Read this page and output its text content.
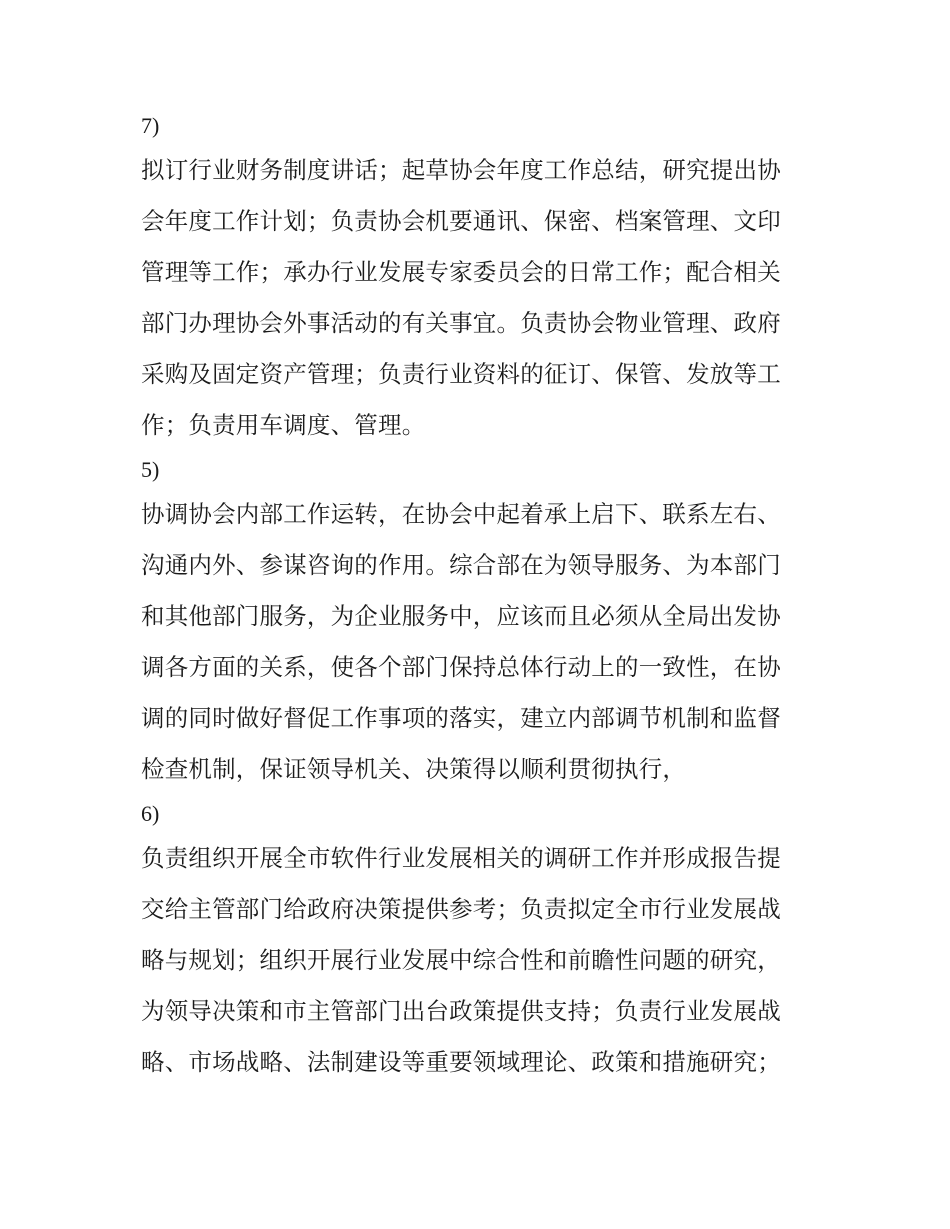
7)

拟订行业财务制度讲话；起草协会年度工作总结，研究提出协
会年度工作计划；负责协会机要通讯、保密、档案管理、文印
管理等工作；承办行业发展专家委员会的日常工作；配合相关
部门办理协会外事活动的有关事宜。负责协会物业管理、政府
采购及固定资产管理；负责行业资料的征订、保管、发放等工
作；负责用车调度、管理。

5)

协调协会内部工作运转，在协会中起着承上启下、联系左右、
沟通内外、参谋咨询的作用。综合部在为领导服务、为本部门
和其他部门服务，为企业服务中，应该而且必须从全局出发协
调各方面的关系，使各个部门保持总体行动上的一致性，在协
调的同时做好督促工作事项的落实，建立内部调节机制和监督
检查机制，保证领导机关、决策得以顺利贯彻执行，

6)

负责组织开展全市软件行业发展相关的调研工作并形成报告提
交给主管部门给政府决策提供参考；负责拟定全市行业发展战
略与规划；组织开展行业发展中综合性和前瞻性问题的研究，
为领导决策和市主管部门出台政策提供支持；负责行业发展战
略、市场战略、法制建设等重要领域理论、政策和措施研究；
